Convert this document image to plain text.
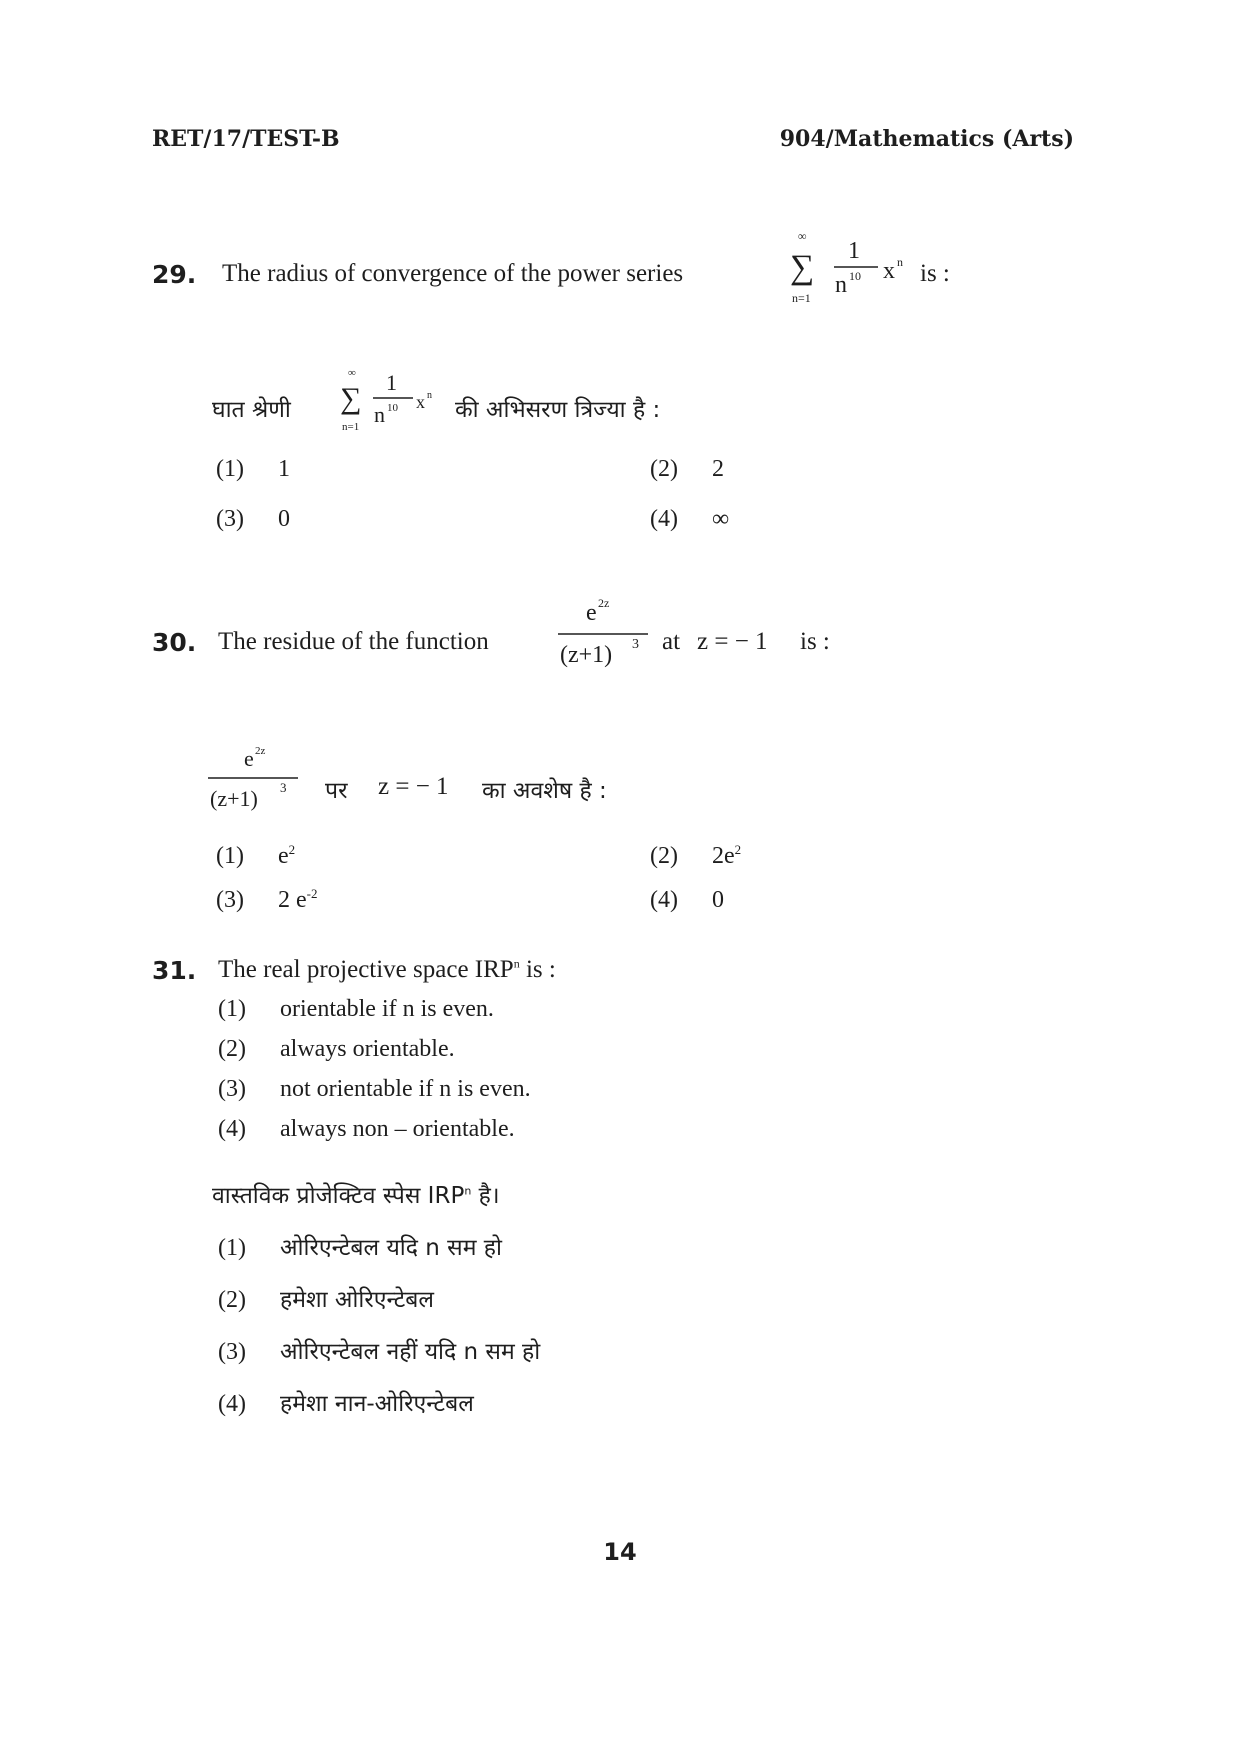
RET/17/TEST-B	904/Mathematics (Arts)
29. The radius of convergence of the power series
∞
∑
n=1
1
n 10 x n is :
घात श्रेणी
∞
∑
n=1
1
n 10 x n
की अभिसरण त्रिज्या है :
(1) 1	(2) 2
(3) 0	(4) ∞
30. The residue of the function
e 2z
(z+1) 3 at z = − 1 is :
e 2z
(z+1) 3 पर z = − 1 का अवशेष है :
(1) $e^2$	(2) $2e^2$
(3) 2 $e^{-2}$	(4) 0
31. The real projective space IRP$^n$ is :
(1) orientable if n is even.
(2) always orientable.
(3) not orientable if n is even.
(4) always non – orientable.
वास्तविक प्रोजेक्टिव स्पेस IRP$^n$ है।
(1) ओरिएन्टेबल यदि n सम हो
(2) हमेशा ओरिएन्टेबल
(3) ओरिएन्टेबल नहीं यदि n सम हो
(4) हमेशा नान-ओरिएन्टेबल
14
